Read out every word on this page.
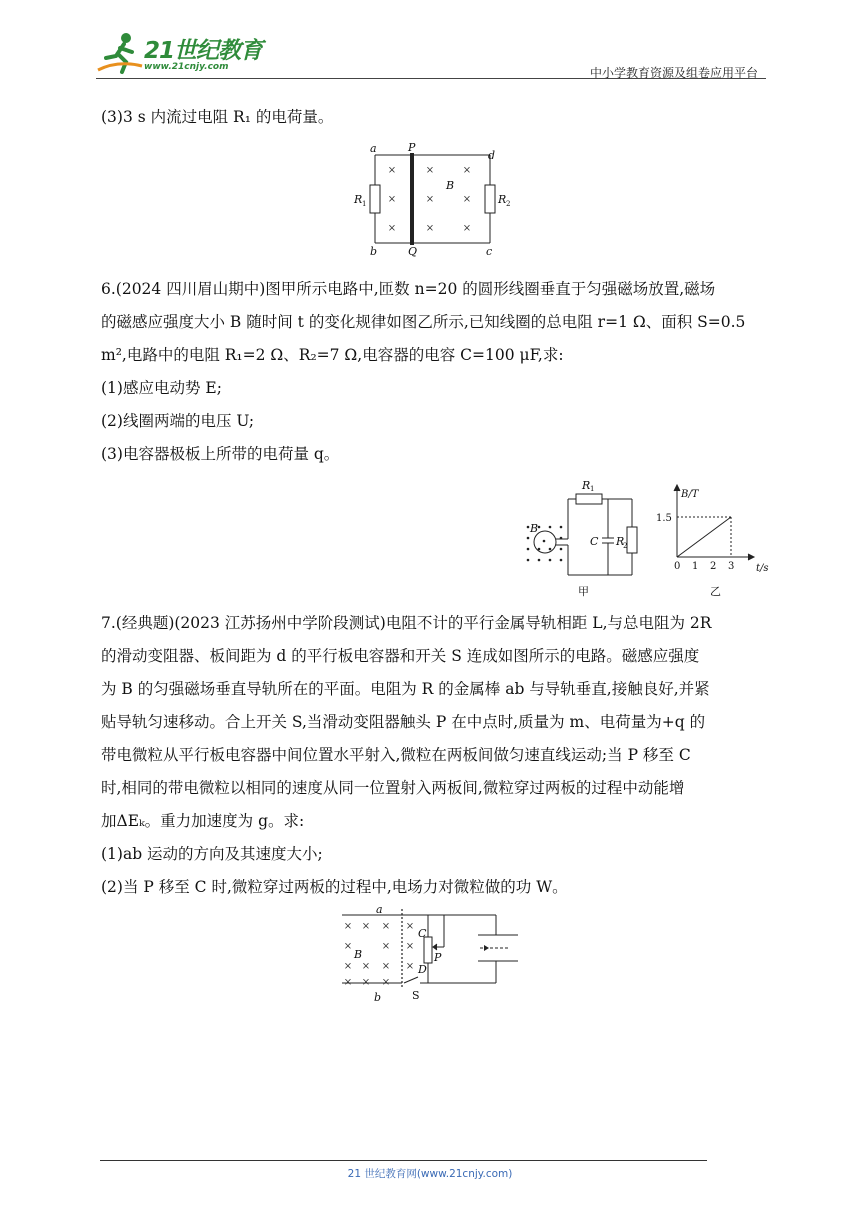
21世纪教育
www.21cnjy.com	中小学教育资源及组卷应用平台
(3)3 s 内流过电阻 R₁ 的电荷量。
×
×
×
×
×
×
×
×
×
a	P
d
B
b	Q	c
R	R
1	2
6.(2024 四川眉山期中)图甲所示电路中,匝数 n=20 的圆形线圈垂直于匀强磁场放置,磁场
的磁感应强度大小 B 随时间 t 的变化规律如图乙所示,已知线圈的总电阻 r=1 Ω、面积 S=0.5
m²,电路中的电阻 R₁=2 Ω、R₂=7 Ω,电容器的电容 C=100 μF,求:
(1)感应电动势 E;
(2)线圈两端的电压 U;
(3)电容器极板上所带的电荷量 q。
R
B
C R
1
2
甲
B/T
t/s
1.5
0 1 2 3
乙
7.(经典题)(2023 江苏扬州中学阶段测试)电阻不计的平行金属导轨相距 L,与总电阻为 2R
的滑动变阻器、板间距为 d 的平行板电容器和开关 S 连成如图所示的电路。磁感应强度
为 B 的匀强磁场垂直导轨所在的平面。电阻为 R 的金属棒 ab 与导轨垂直,接触良好,并紧
贴导轨匀速移动。合上开关 S,当滑动变阻器触头 P 在中点时,质量为 m、电荷量为+q 的
带电微粒从平行板电容器中间位置水平射入,微粒在两板间做匀速直线运动;当 P 移至 C
时,相同的带电微粒以相同的速度从同一位置射入两板间,微粒穿过两板的过程中动能增
加ΔEₖ。重力加速度为 g。求:
(1)ab 运动的方向及其速度大小;
(2)当 P 移至 C 时,微粒穿过两板的过程中,电场力对微粒做的功 W。
× × × ×
×	× ×
× × × ×
× × ×
a
B
C
P
D
b	S
21 世纪教育网(www.21cnjy.com)
